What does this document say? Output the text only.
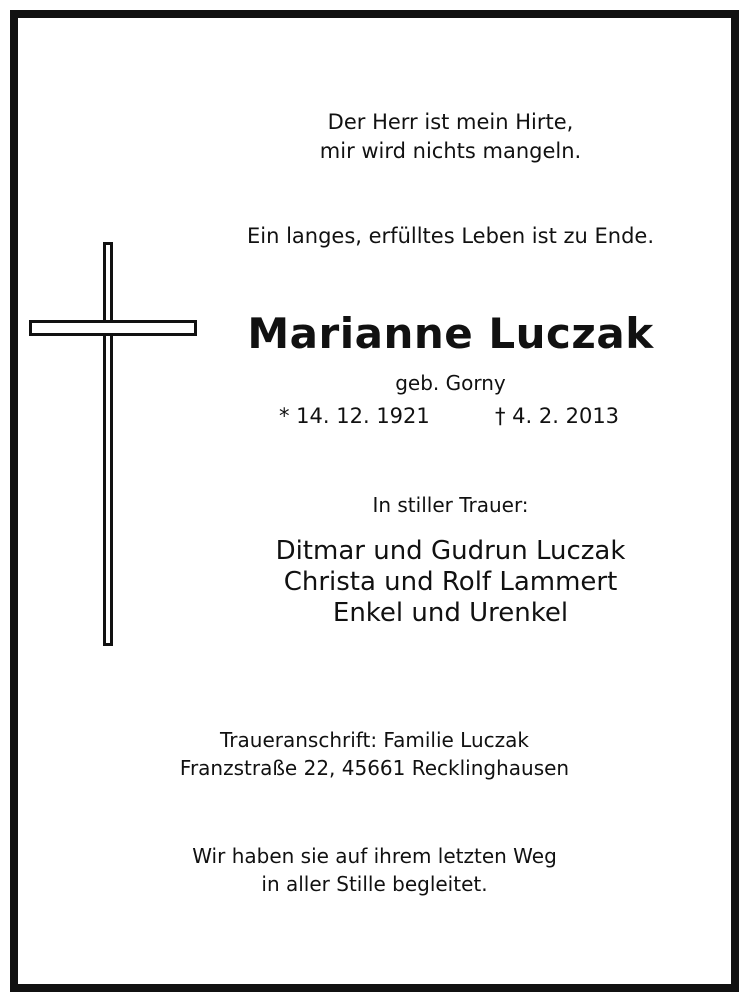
Der Herr ist mein Hirte,
mir wird nichts mangeln.
Ein langes, erfülltes Leben ist zu Ende.
Marianne Luczak
geb. Gorny
* 14. 12. 1921	† 4. 2. 2013
In stiller Trauer:
Ditmar und Gudrun Luczak
Christa und Rolf Lammert
Enkel und Urenkel
Traueranschrift: Familie Luczak
Franzstraße 22, 45661 Recklinghausen
Wir haben sie auf ihrem letzten Weg
in aller Stille begleitet.
